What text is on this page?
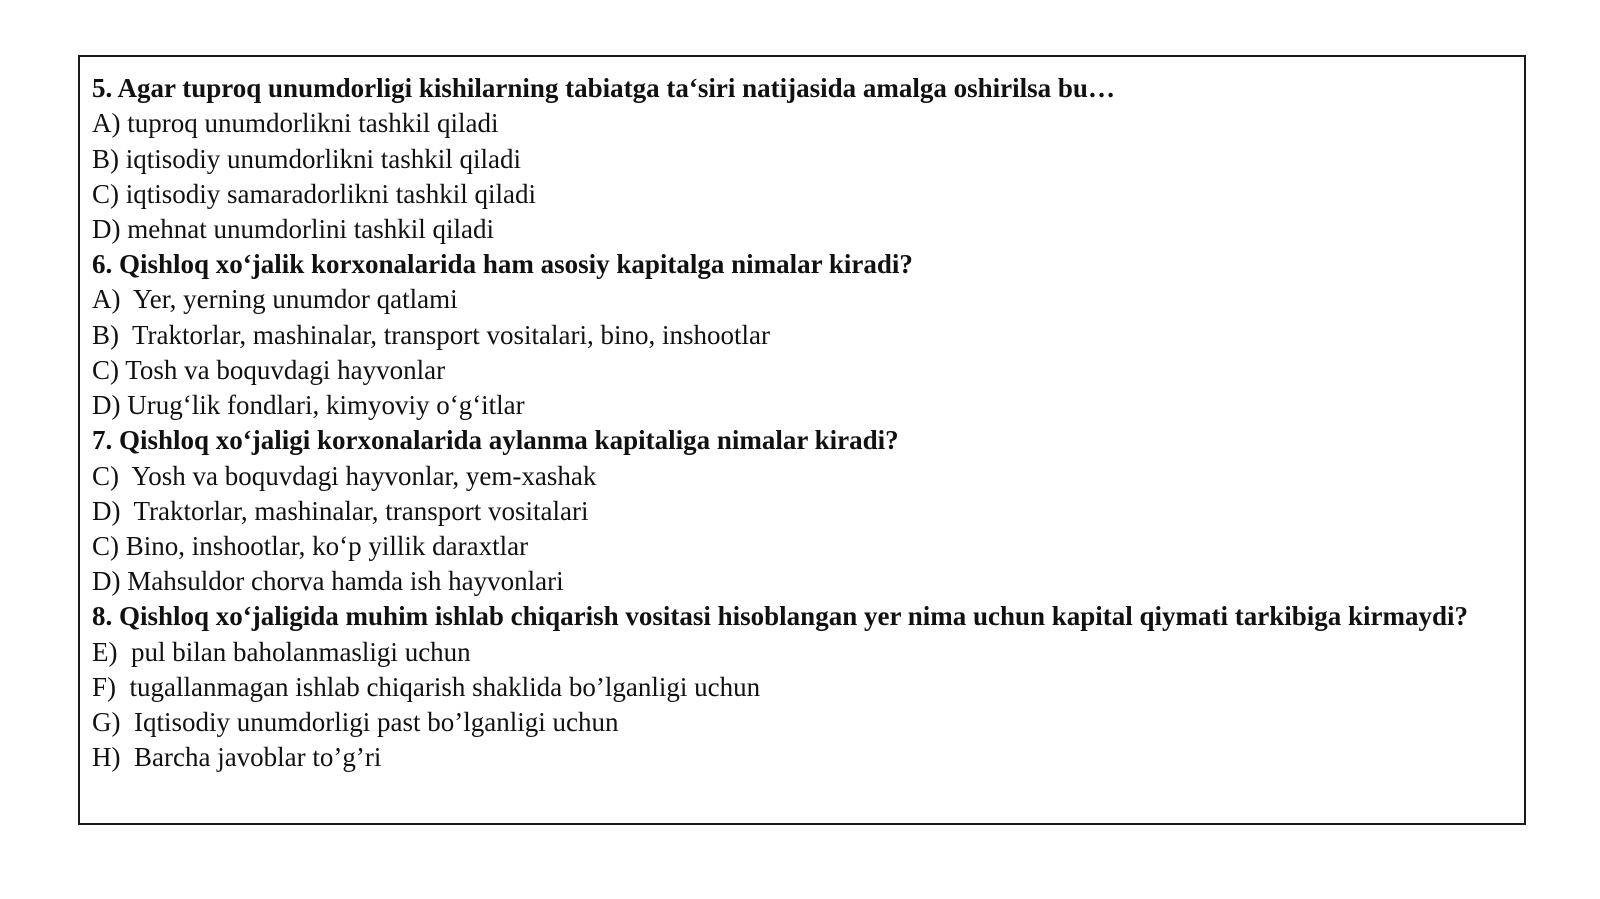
5. Agar tuproq unumdorligi kishilarning tabiatga ta‘siri natijasida amalga oshirilsa bu…

A) tuproq unumdorlikni tashkil qiladi

B) iqtisodiy unumdorlikni tashkil qiladi

C) iqtisodiy samaradorlikni tashkil qiladi

D) mehnat unumdorlini tashkil qiladi

6. Qishloq xo‘jalik korxonalarida ham asosiy kapitalga nimalar kiradi?

A)  Yer, yerning unumdor qatlami

B)  Traktorlar, mashinalar, transport vositalari, bino, inshootlar

C) Tosh va boquvdagi hayvonlar

D) Urug‘lik fondlari, kimyoviy o‘g‘itlar

7. Qishloq xo‘jaligi korxonalarida aylanma kapitaliga nimalar kiradi?

C)  Yosh va boquvdagi hayvonlar, yem-xashak

D)  Traktorlar, mashinalar, transport vositalari

C) Bino, inshootlar, ko‘p yillik daraxtlar

D) Mahsuldor chorva hamda ish hayvonlari

8. Qishloq xo‘jaligida muhim ishlab chiqarish vositasi hisoblangan yer nima uchun kapital qiymati tarkibiga kirmaydi?

E)  pul bilan baholanmasligi uchun

F)  tugallanmagan ishlab chiqarish shaklida bo’lganligi uchun

G)  Iqtisodiy unumdorligi past bo’lganligi uchun

H)  Barcha javoblar to’g’ri
